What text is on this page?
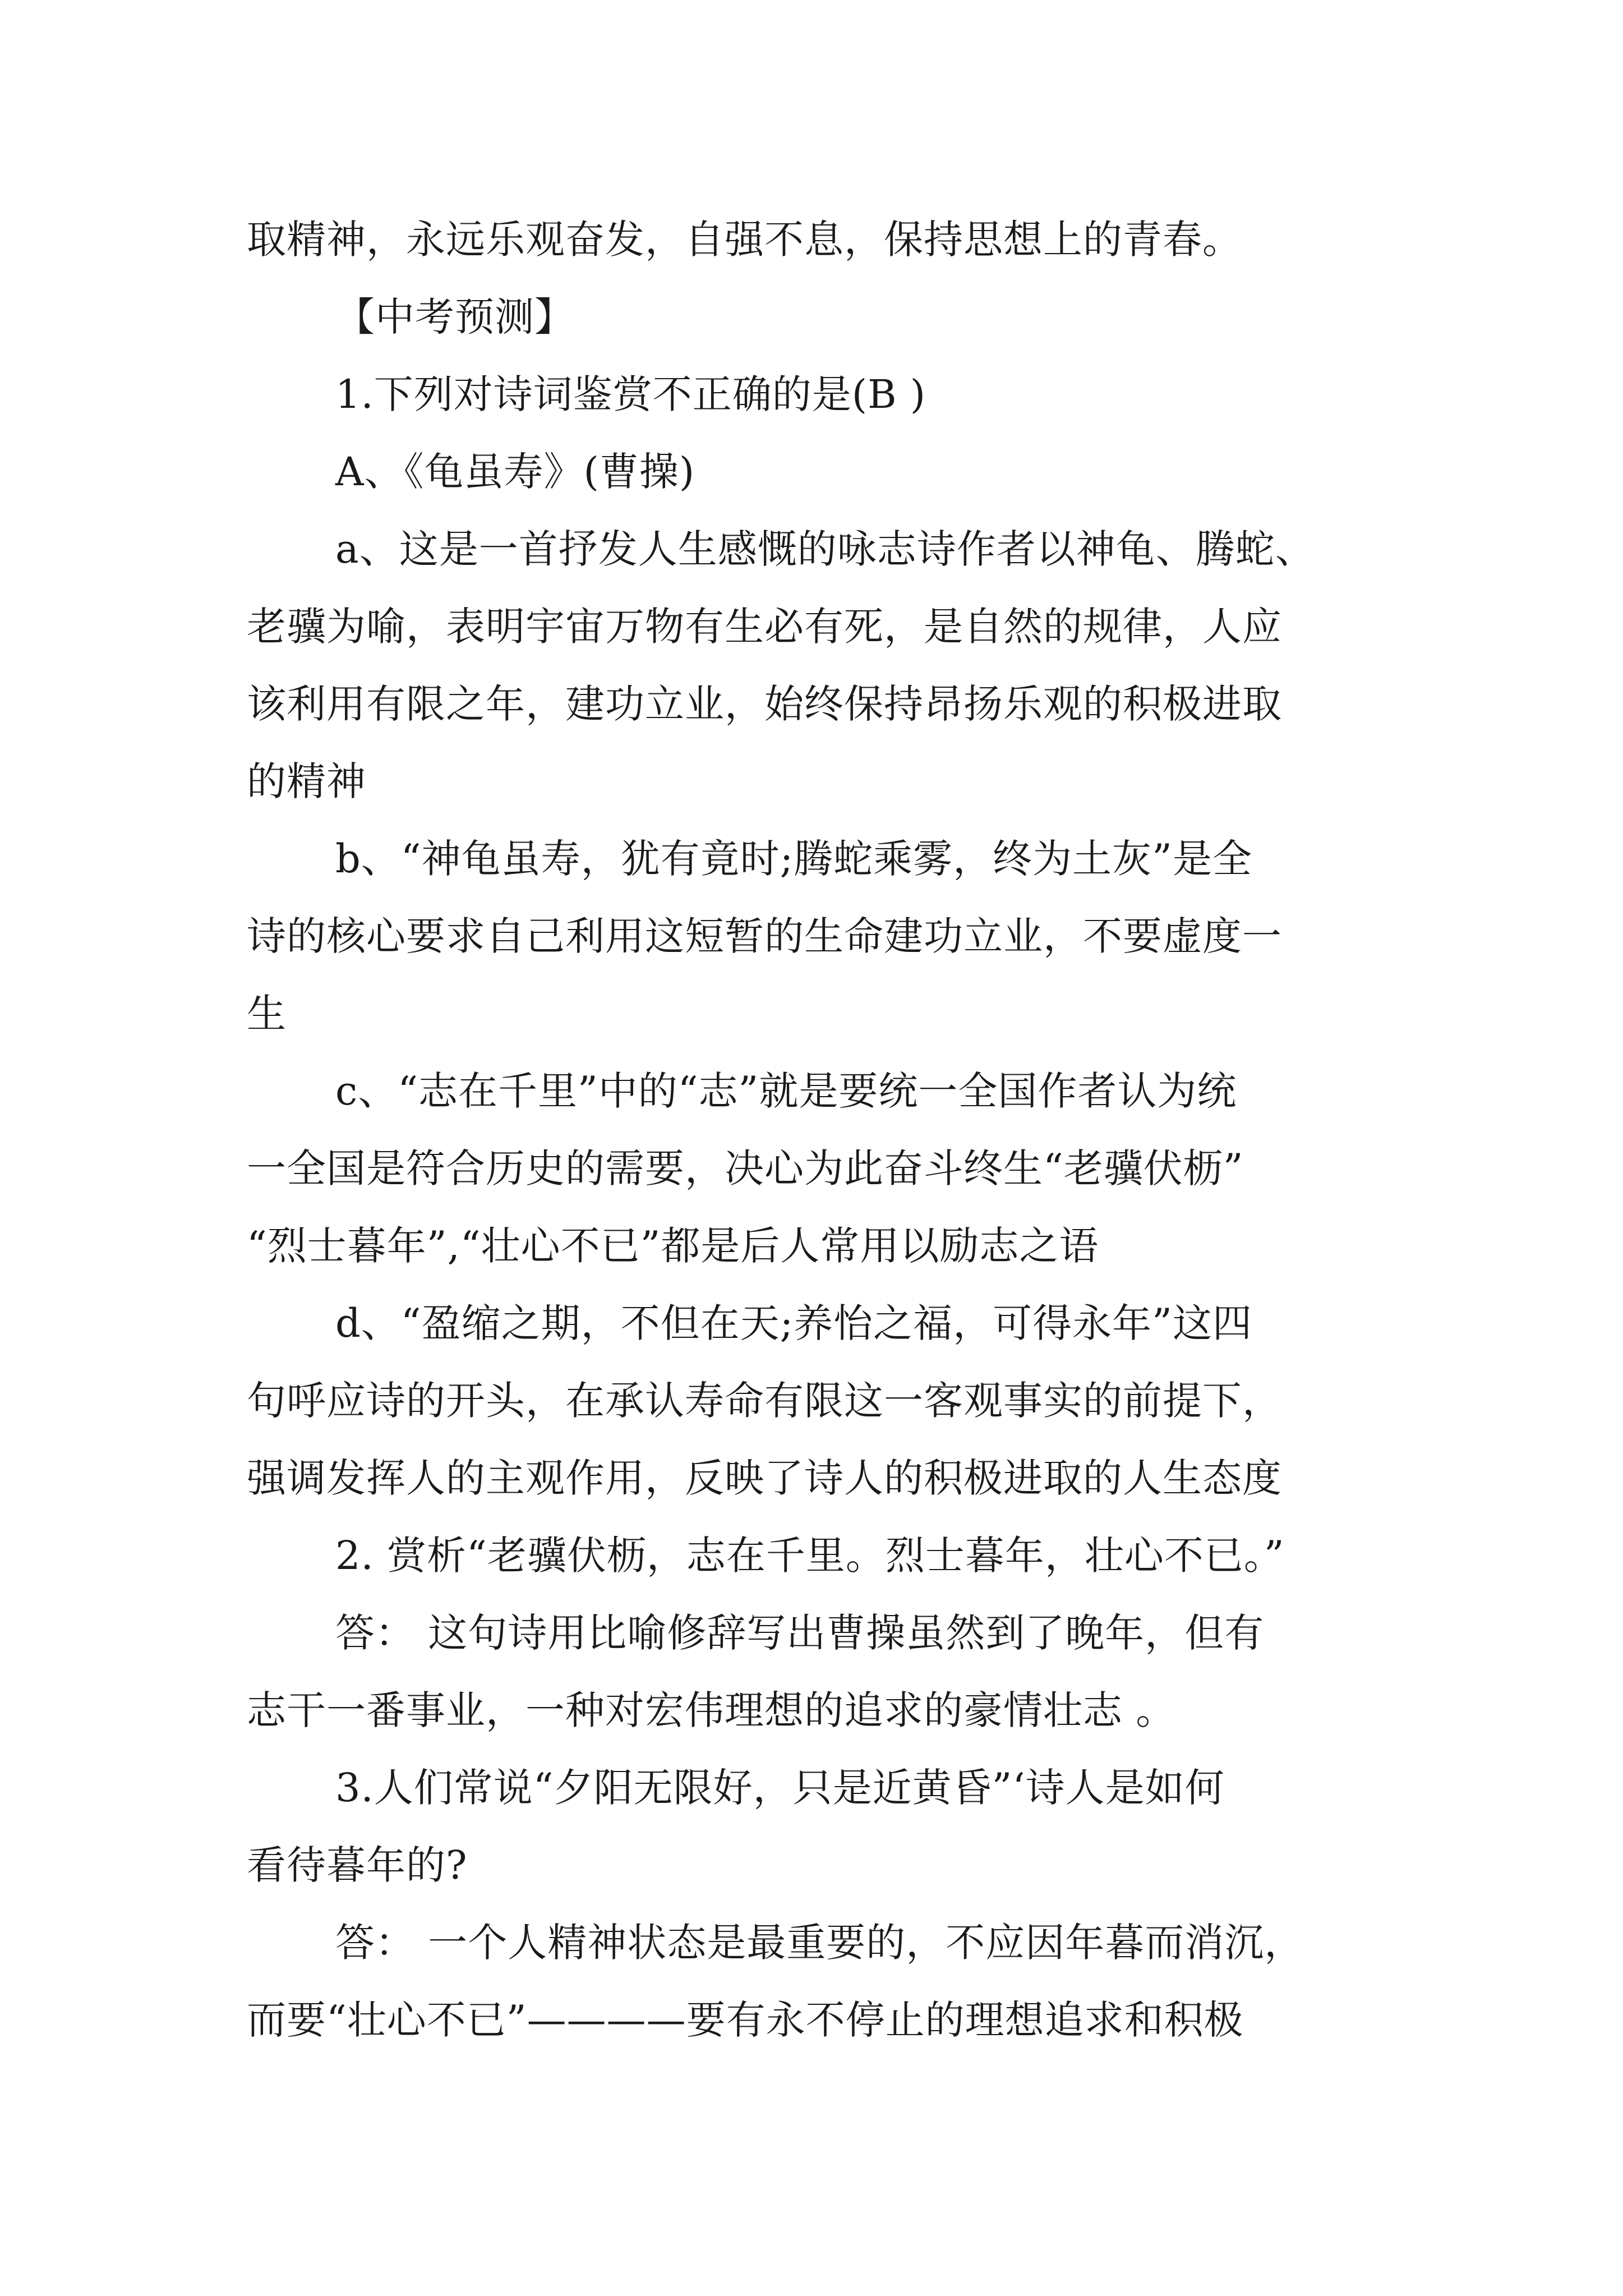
取精神，永远乐观奋发，自强不息，保持思想上的青春。
【中考预测】
1.下列对诗词鉴赏不正确的是(B )
A、《龟虽寿》(曹操)
a、这是一首抒发人生感慨的咏志诗作者以神龟、腾蛇、
老骥为喻，表明宇宙万物有生必有死，是自然的规律，人应
该利用有限之年，建功立业，始终保持昂扬乐观的积极进取
的精神
b、“神龟虽寿，犹有竟时;腾蛇乘雾，终为土灰”是全
诗的核心要求自己利用这短暂的生命建功立业，不要虚度一
生
c、“志在千里”中的“志”就是要统一全国作者认为统
一全国是符合历史的需要，决心为此奋斗终生“老骥伏枥”
“烈士暮年”,“壮心不已”都是后人常用以励志之语
d、“盈缩之期，不但在天;养怡之福，可得永年”这四
句呼应诗的开头，在承认寿命有限这一客观事实的前提下，
强调发挥人的主观作用，反映了诗人的积极进取的人生态度
2. 赏析“老骥伏枥，志在千里。烈士暮年，壮心不已。”
答： 这句诗用比喻修辞写出曹操虽然到了晚年，但有
志干一番事业，一种对宏伟理想的追求的豪情壮志 。
3.人们常说“夕阳无限好，只是近黄昏”‘诗人是如何
看待暮年的?
答： 一个人精神状态是最重要的，不应因年暮而消沉，
而要“壮心不已”————要有永不停止的理想追求和积极
